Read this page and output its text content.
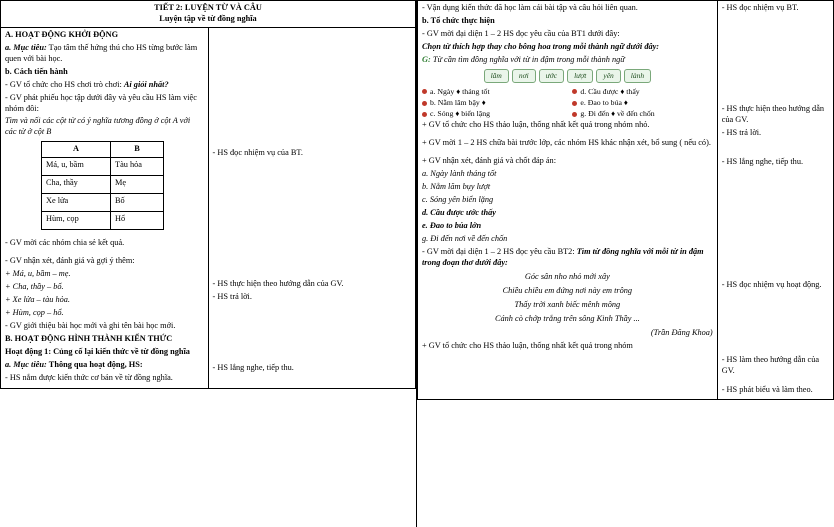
TIẾT 2: LUYỆN TỪ VÀ CÂU
Luyện tập về từ đồng nghĩa

A. HOẠT ĐỘNG KHỞI ĐỘNG

a. Mục tiêu: Tạo tâm thế hứng thú cho HS từng bước làm quen với bài học.

b. Cách tiến hành

- GV tổ chức cho HS chơi trò chơi: Ai giỏi nhất?

- GV phát phiếu học tập dưới đây và yêu cầu HS làm việc nhóm đôi:

Tìm và nối các cột từ có ý nghĩa tương đồng ở cột A với các từ ở cột B

A	B
Má, u, bầm	Tàu hỏa
Cha, thầy	Mẹ
Xe lửa	Bố
Hùm, cọp	Hổ

- GV mời các nhóm chia sẻ kết quả.

- GV nhận xét, đánh giá và gợi ý thêm:

+ Má, u, bầm – mẹ.

+ Cha, thầy – bố.

+ Xe lửa – tàu hỏa.

+ Hùm, cọp – hổ.

- GV giới thiệu bài học mới và ghi tên bài học mới.

B. HOẠT ĐỘNG HÌNH THÀNH KIẾN THỨC

Hoạt động 1: Củng cố lại kiến thức về từ đồng nghĩa

a. Mục tiêu: Thông qua hoạt động, HS:

- HS nắm được kiến thức cơ bản về từ đồng nghĩa.

- HS đọc nhiệm vụ của BT.

- HS thực hiện theo hướng dẫn của GV.

- HS trả lời.

- HS lắng nghe, tiếp thu.

- Vận dụng kiến thức đã học làm cái bài tập và câu hỏi liên quan.

b. Tổ chức thực hiện

- GV mời đại diện 1 – 2 HS đọc yêu cầu của BT1 dưới đây:

Chọn từ thích hợp thay cho bông hoa trong mỗi thành ngữ dưới đây:

G: Từ cần tìm đồng nghĩa với từ in đậm trong mỗi thành ngữ

lăm	nơi	ước	lượt	yên	lành

a. Ngày ♦ tháng tốt

b. Nằm lăm bậy ♦

c. Sóng ♦ biển lặng

d. Cầu được ♦ thấy

e. Đao to búa ♦

g. Đi đến ♦ về đến chốn

+ GV tổ chức cho HS thảo luận, thống nhất kết quả trong nhóm nhỏ.

+ GV mời 1 – 2 HS chữa bài trước lớp, các nhóm HS khác nhận xét, bổ sung ( nếu có).

+ GV nhận xét, đánh giá và chốt đáp án:

a. Ngày lành tháng tốt

b. Nằm lăm bụy lượt

c. Sóng yên biển lặng

d. Cầu được ước thấy

e. Đao to búa lớn

g. Đi đến nơi về đến chốn

- GV mời đại diện 1 – 2 HS đọc yêu cầu BT2: Tìm từ đồng nghĩa với mỗi từ in đậm trong đoạn thơ dưới đây:

Góc sân nho nhỏ mới xây

Chiều chiều em đứng nơi này em trông

Thấy trời xanh biếc mênh mông

Cánh cò chớp trắng trên sông Kinh Thầy ...

(Trần Đăng Khoa)

+ GV tổ chức cho HS thảo luận, thống nhất kết quả trong nhóm

- HS đọc nhiệm vụ BT.

- HS thực hiện theo hướng dẫn của GV.

- HS trả lời.

- HS lắng nghe, tiếp thu.

- HS đọc nhiệm vụ hoạt động.

- HS làm theo hướng dẫn của GV.

- HS phát biểu và làm theo.
